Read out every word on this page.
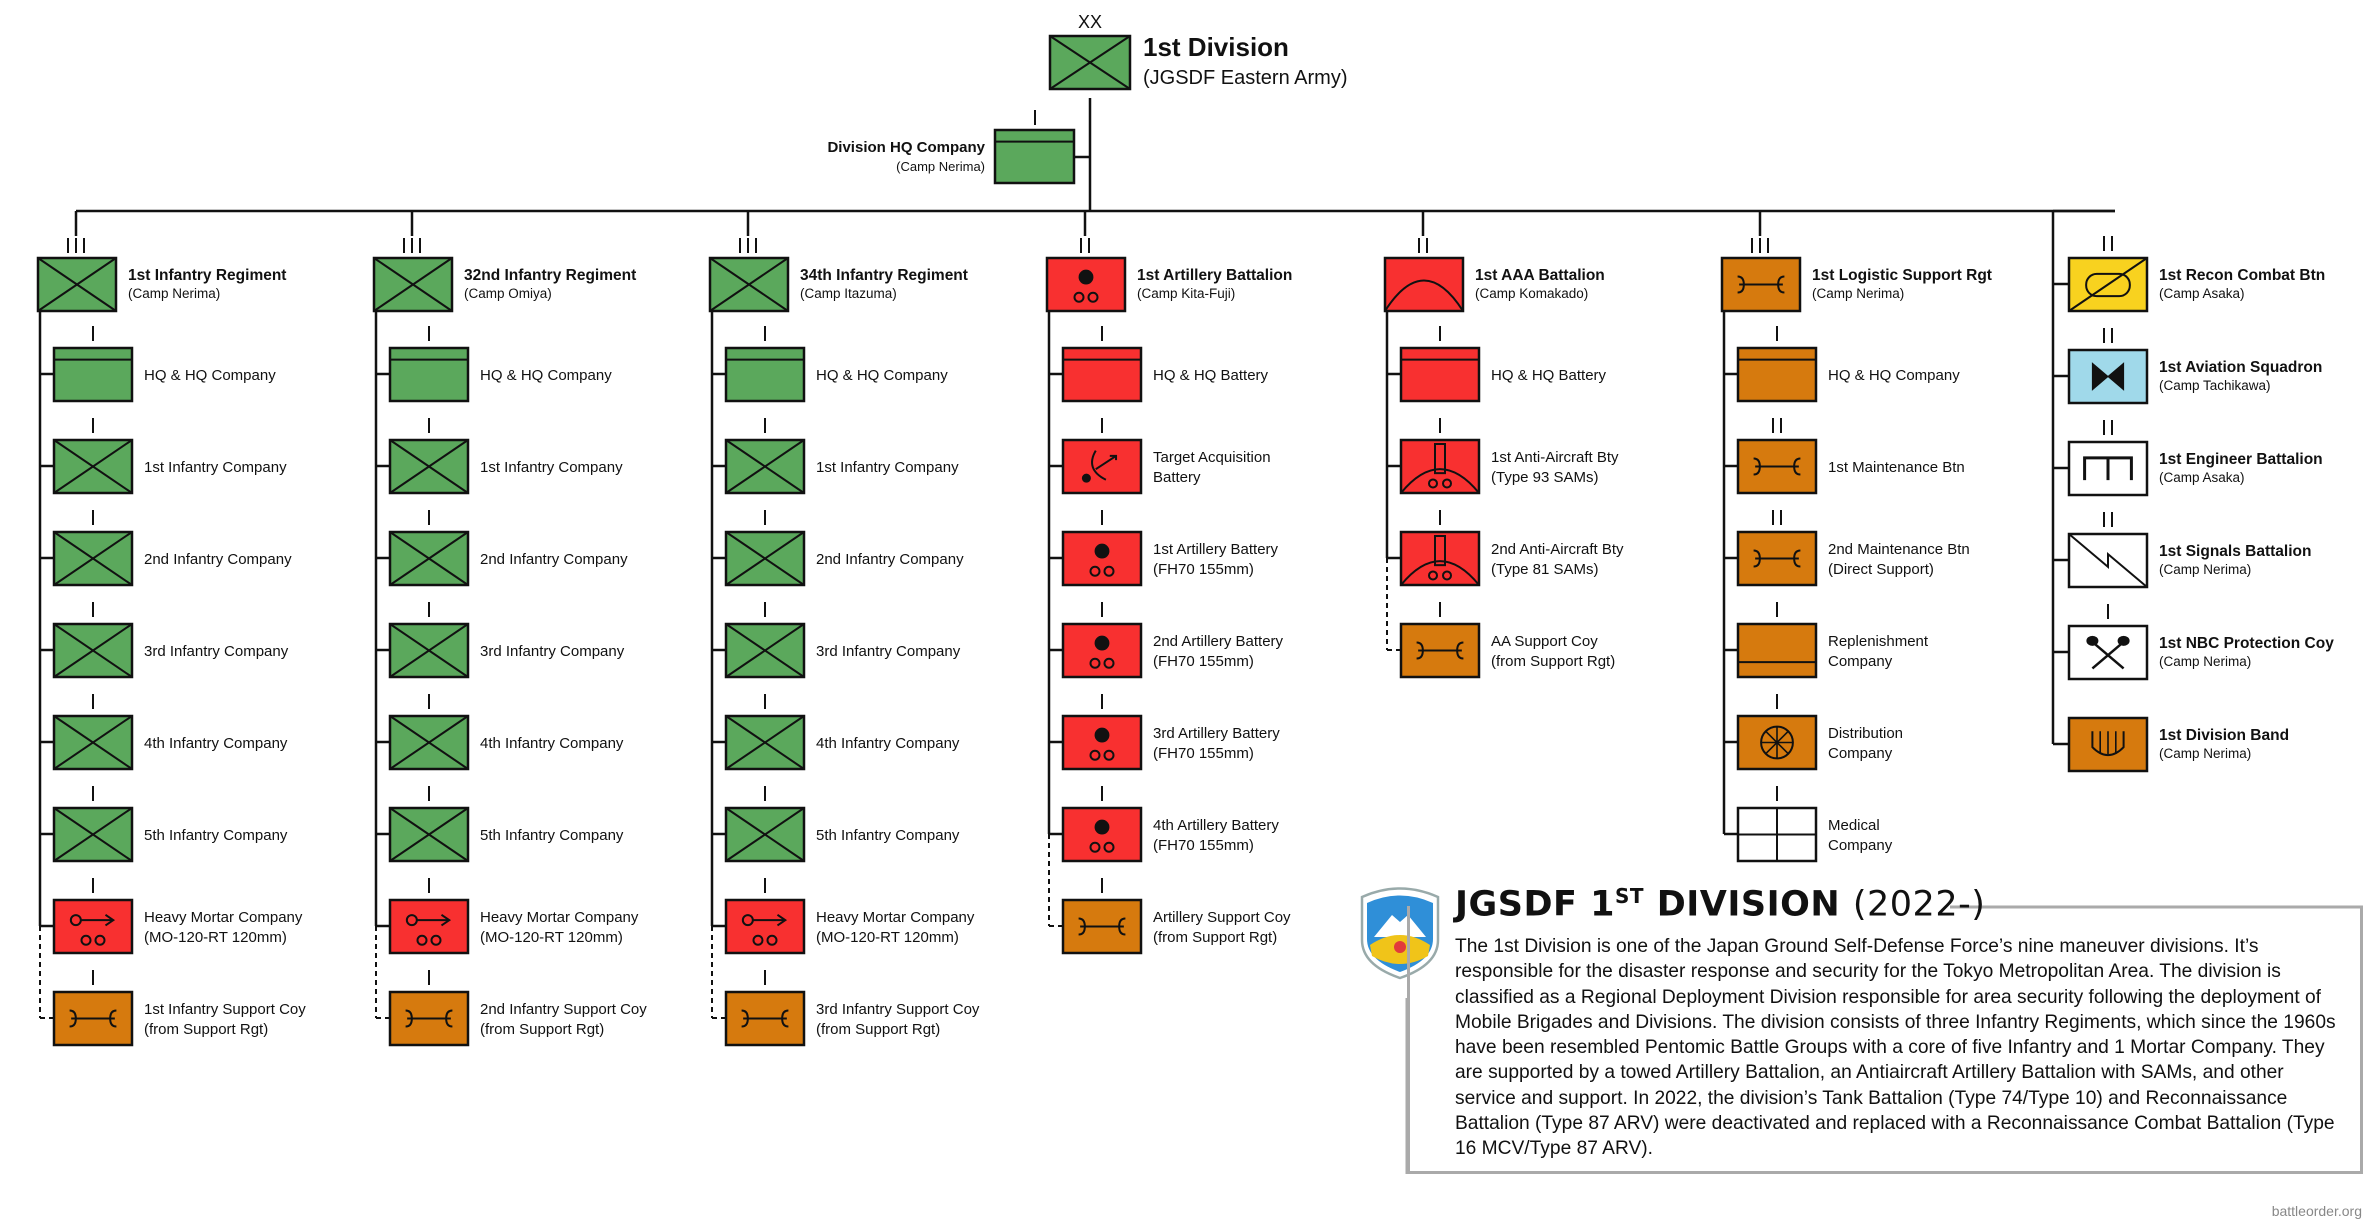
XX
1st Division
(JGSDF Eastern Army)
Division HQ Company
(Camp Nerima)
1st Infantry Regiment
(Camp Nerima)
HQ & HQ Company
1st Infantry Company
2nd Infantry Company
3rd Infantry Company
4th Infantry Company
5th Infantry Company
Heavy Mortar Company
(MO-120-RT 120mm)
1st Infantry Support Coy
(from Support Rgt)
32nd Infantry Regiment
(Camp Omiya)
HQ & HQ Company
1st Infantry Company
2nd Infantry Company
3rd Infantry Company
4th Infantry Company
5th Infantry Company
Heavy Mortar Company
(MO-120-RT 120mm)
2nd Infantry Support Coy
(from Support Rgt)
34th Infantry Regiment
(Camp Itazuma)
HQ & HQ Company
1st Infantry Company
2nd Infantry Company
3rd Infantry Company
4th Infantry Company
5th Infantry Company
Heavy Mortar Company
(MO-120-RT 120mm)
3rd Infantry Support Coy
(from Support Rgt)
1st Artillery Battalion
(Camp Kita-Fuji)
HQ & HQ Battery
Target Acquisition
Battery
1st Artillery Battery
(FH70 155mm)
2nd Artillery Battery
(FH70 155mm)
3rd Artillery Battery
(FH70 155mm)
4th Artillery Battery
(FH70 155mm)
Artillery Support Coy
(from Support Rgt)
1st AAA Battalion
(Camp Komakado)
HQ & HQ Battery
1st Anti-Aircraft Bty
(Type 93 SAMs)
2nd Anti-Aircraft Bty
(Type 81 SAMs)
AA Support Coy
(from Support Rgt)
1st Logistic Support Rgt
(Camp Nerima)
HQ & HQ Company
1st Maintenance Btn
2nd Maintenance Btn
(Direct Support)
Replenishment
Company
Distribution
Company
Medical
Company
1st Recon Combat Btn
(Camp Asaka)
1st Aviation Squadron
(Camp Tachikawa)
1st Engineer Battalion
(Camp Asaka)
1st Signals Battalion
(Camp Nerima)
1st NBC Protection Coy
(Camp Nerima)
1st Division Band
(Camp Nerima)
JGSDF 1ST DIVISION (2022-)
The 1st Division is one of the Japan Ground Self-Defense Force’s nine maneuver divisions. It’s responsible for the disaster response and security for the Tokyo Metropolitan Area. The division is classified as a Regional Deployment Division responsible for area security following the deployment of Mobile Brigades and Divisions. The division consists of three Infantry Regiments, which since the 1960s have been resembled Pentomic Battle Groups with a core of five Infantry and 1 Mortar Company. They are supported by a towed Artillery Battalion, an Antiaircraft Artillery Battalion with SAMs, and other service and support. In 2022, the division’s Tank Battalion (Type 74/Type 10) and Reconnaissance Battalion (Type 87 ARV) were deactivated and replaced with a Reconnaissance Combat Battalion (Type 16 MCV/Type 87 ARV).
battleorder.org
